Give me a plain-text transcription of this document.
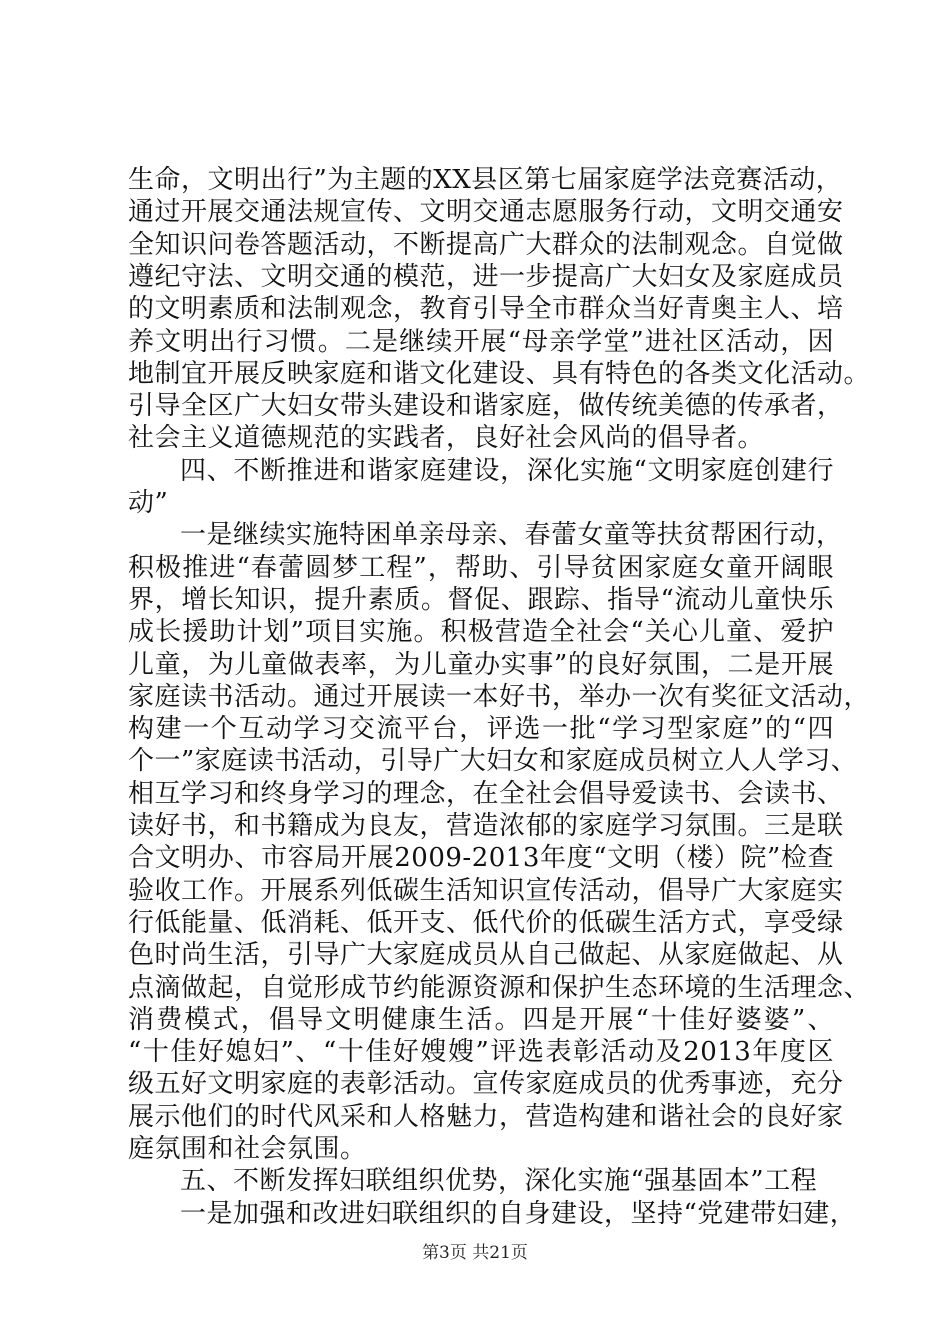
生命，文明出行”为主题的XX县区第七届家庭学法竞赛活动，
通过开展交通法规宣传、文明交通志愿服务行动，文明交通安
全知识问卷答题活动，不断提高广大群众的法制观念。自觉做
遵纪守法、文明交通的模范，进一步提高广大妇女及家庭成员
的文明素质和法制观念，教育引导全市群众当好青奥主人、培
养文明出行习惯。二是继续开展“母亲学堂”进社区活动，因
地制宜开展反映家庭和谐文化建设、具有特色的各类文化活动。
引导全区广大妇女带头建设和谐家庭，做传统美德的传承者，
社会主义道德规范的实践者，良好社会风尚的倡导者。
四、不断推进和谐家庭建设，深化实施“文明家庭创建行
动”
一是继续实施特困单亲母亲、春蕾女童等扶贫帮困行动，
积极推进“春蕾圆梦工程”，帮助、引导贫困家庭女童开阔眼
界，增长知识，提升素质。督促、跟踪、指导“流动儿童快乐
成长援助计划”项目实施。积极营造全社会“关心儿童、爱护
儿童，为儿童做表率，为儿童办实事”的良好氛围，二是开展
家庭读书活动。通过开展读一本好书，举办一次有奖征文活动，
构建一个互动学习交流平台，评选一批“学习型家庭”的“四
个一”家庭读书活动，引导广大妇女和家庭成员树立人人学习、
相互学习和终身学习的理念，在全社会倡导爱读书、会读书、
读好书，和书籍成为良友，营造浓郁的家庭学习氛围。三是联
合文明办、市容局开展2009-2013年度“文明（楼）院”检查
验收工作。开展系列低碳生活知识宣传活动，倡导广大家庭实
行低能量、低消耗、低开支、低代价的低碳生活方式，享受绿
色时尚生活，引导广大家庭成员从自己做起、从家庭做起、从
点滴做起，自觉形成节约能源资源和保护生态环境的生活理念、
消费模式，倡导文明健康生活。四是开展“十佳好婆婆”、
“十佳好媳妇”、“十佳好嫂嫂”评选表彰活动及2013年度区
级五好文明家庭的表彰活动。宣传家庭成员的优秀事迹，充分
展示他们的时代风采和人格魅力，营造构建和谐社会的良好家
庭氛围和社会氛围。
五、不断发挥妇联组织优势，深化实施“强基固本”工程
一是加强和改进妇联组织的自身建设，坚持“党建带妇建，
第3页 共21页
